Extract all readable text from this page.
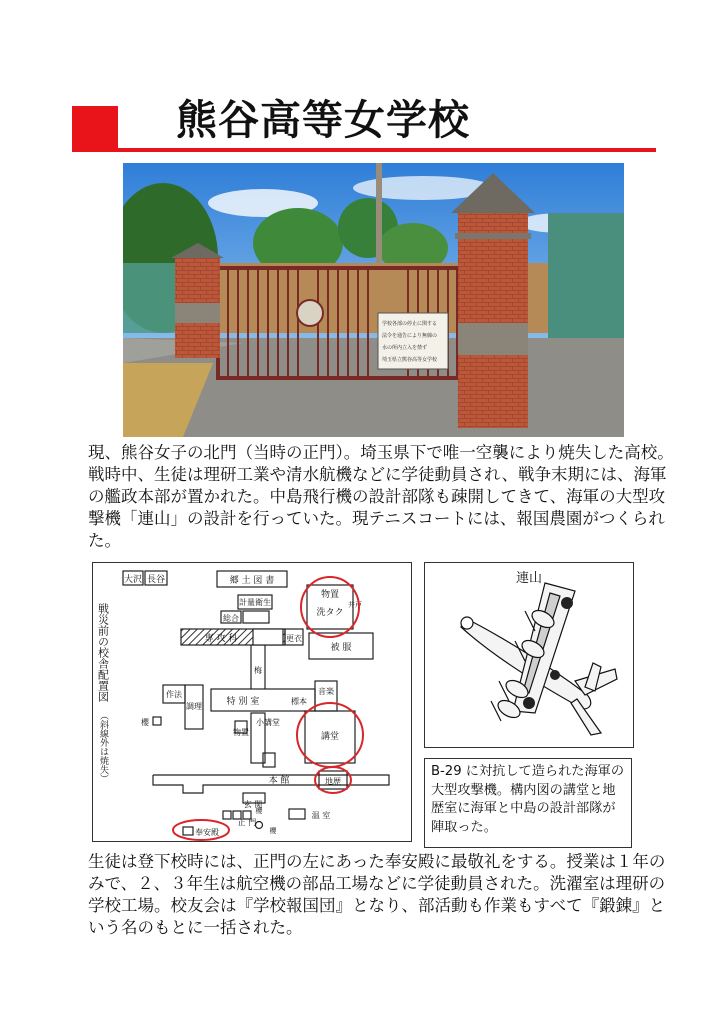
熊谷高等女学校
学校各部の停止に関する
法令を通告により無線の
水の所内立入を禁ず
埼玉県立熊谷高等女学校

現、熊谷女子の北門（当時の正門）。埼玉県下で唯一空襲により焼失した高校。戦時中、生徒は理研工業や清水航機などに学徒動員され、戦争末期には、海軍の艦政本部が置かれた。中島飛行機の設計部隊も疎開してきて、海軍の大型攻撃機「連山」の設計を行っていた。現テニスコートには、報国農園がつくられた。

大沢 長谷	郷 土 図 書
計量衛生
総合
物置
洗タク
専 攻 科	更衣
被 服
特 別 室	標本
音楽
作法
調理
小講堂
物置	講堂
地歴
本 館
玄 関
温 室
正 門
奉安殿
櫻
櫻
櫻
梅
井戸
戦災前の校舎配置図
（斜線外は焼失）

連山

B-29 に対抗して造られた海軍の大型攻撃機。構内図の講堂と地歴室に海軍と中島の設計部隊が陣取った。

生徒は登下校時には、正門の左にあった奉安殿に最敬礼をする。授業は１年のみで、２、３年生は航空機の部品工場などに学徒動員された。洗濯室は理研の学校工場。校友会は『学校報国団』となり、部活動も作業もすべて『鍛錬』という名のもとに一括された。
